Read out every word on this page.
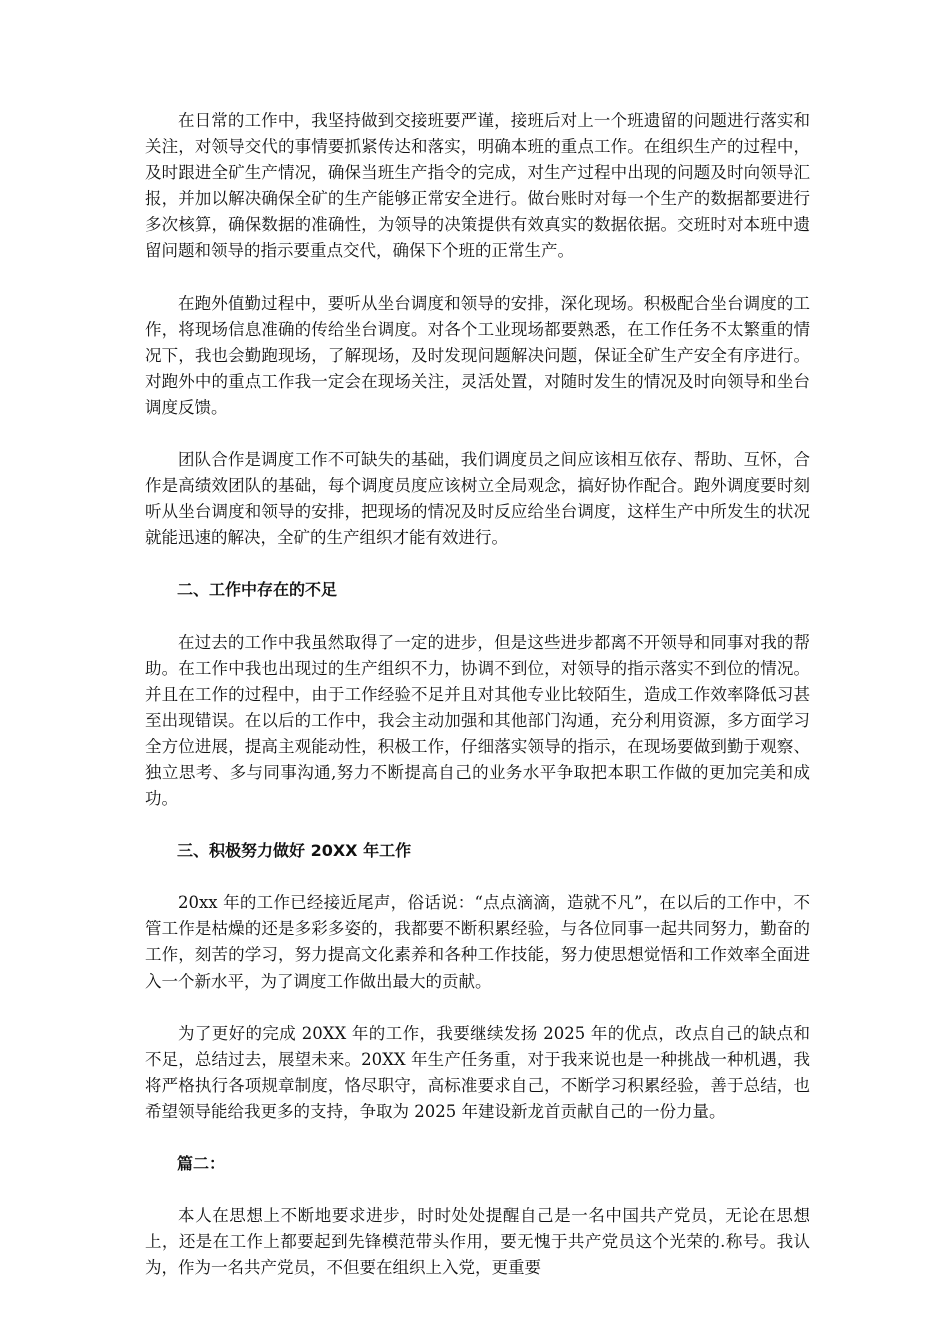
在日常的工作中，我坚持做到交接班要严谨，接班后对上一个班遗留的问题进行落实和关注，对领导交代的事情要抓紧传达和落实，明确本班的重点工作。在组织生产的过程中，及时跟进全矿生产情况，确保当班生产指令的完成，对生产过程中出现的问题及时向领导汇报，并加以解决确保全矿的生产能够正常安全进行。做台账时对每一个生产的数据都要进行多次核算，确保数据的准确性，为领导的决策提供有效真实的数据依据。交班时对本班中遗留问题和领导的指示要重点交代，确保下个班的正常生产。

在跑外值勤过程中，要听从坐台调度和领导的安排，深化现场。积极配合坐台调度的工作，将现场信息准确的传给坐台调度。对各个工业现场都要熟悉，在工作任务不太繁重的情况下，我也会勤跑现场，了解现场，及时发现问题解决问题，保证全矿生产安全有序进行。对跑外中的重点工作我一定会在现场关注，灵活处置，对随时发生的情况及时向领导和坐台调度反馈。

团队合作是调度工作不可缺失的基础，我们调度员之间应该相互依存、帮助、互怀，合作是高绩效团队的基础，每个调度员度应该树立全局观念，搞好协作配合。跑外调度要时刻听从坐台调度和领导的安排，把现场的情况及时反应给坐台调度，这样生产中所发生的状况就能迅速的解决，全矿的生产组织才能有效进行。

二、工作中存在的不足

在过去的工作中我虽然取得了一定的进步，但是这些进步都离不开领导和同事对我的帮助。在工作中我也出现过的生产组织不力，协调不到位，对领导的指示落实不到位的情况。并且在工作的过程中，由于工作经验不足并且对其他专业比较陌生，造成工作效率降低习甚至出现错误。在以后的工作中，我会主动加强和其他部门沟通，充分利用资源，多方面学习全方位进展，提高主观能动性，积极工作，仔细落实领导的指示，在现场要做到勤于观察、独立思考、多与同事沟通,努力不断提高自己的业务水平争取把本职工作做的更加完美和成功。

三、积极努力做好 20XX 年工作

20xx 年的工作已经接近尾声，俗话说：“点点滴滴，造就不凡”，在以后的工作中，不管工作是枯燥的还是多彩多姿的，我都要不断积累经验，与各位同事一起共同努力，勤奋的工作，刻苦的学习，努力提高文化素养和各种工作技能，努力使思想觉悟和工作效率全面进入一个新水平，为了调度工作做出最大的贡献。

为了更好的完成 20XX 年的工作，我要继续发扬 2025 年的优点，改点自己的缺点和不足，总结过去，展望未来。20XX 年生产任务重，对于我来说也是一种挑战一种机遇，我将严格执行各项规章制度，恪尽职守，高标准要求自己，不断学习积累经验，善于总结，也希望领导能给我更多的支持，争取为 2025 年建设新龙首贡献自己的一份力量。

篇二：

本人在思想上不断地要求进步，时时处处提醒自己是一名中国共产党员，无论在思想上，还是在工作上都要起到先锋模范带头作用，要无愧于共产党员这个光荣的.称号。我认为，作为一名共产党员，不但要在组织上入党，更重要
